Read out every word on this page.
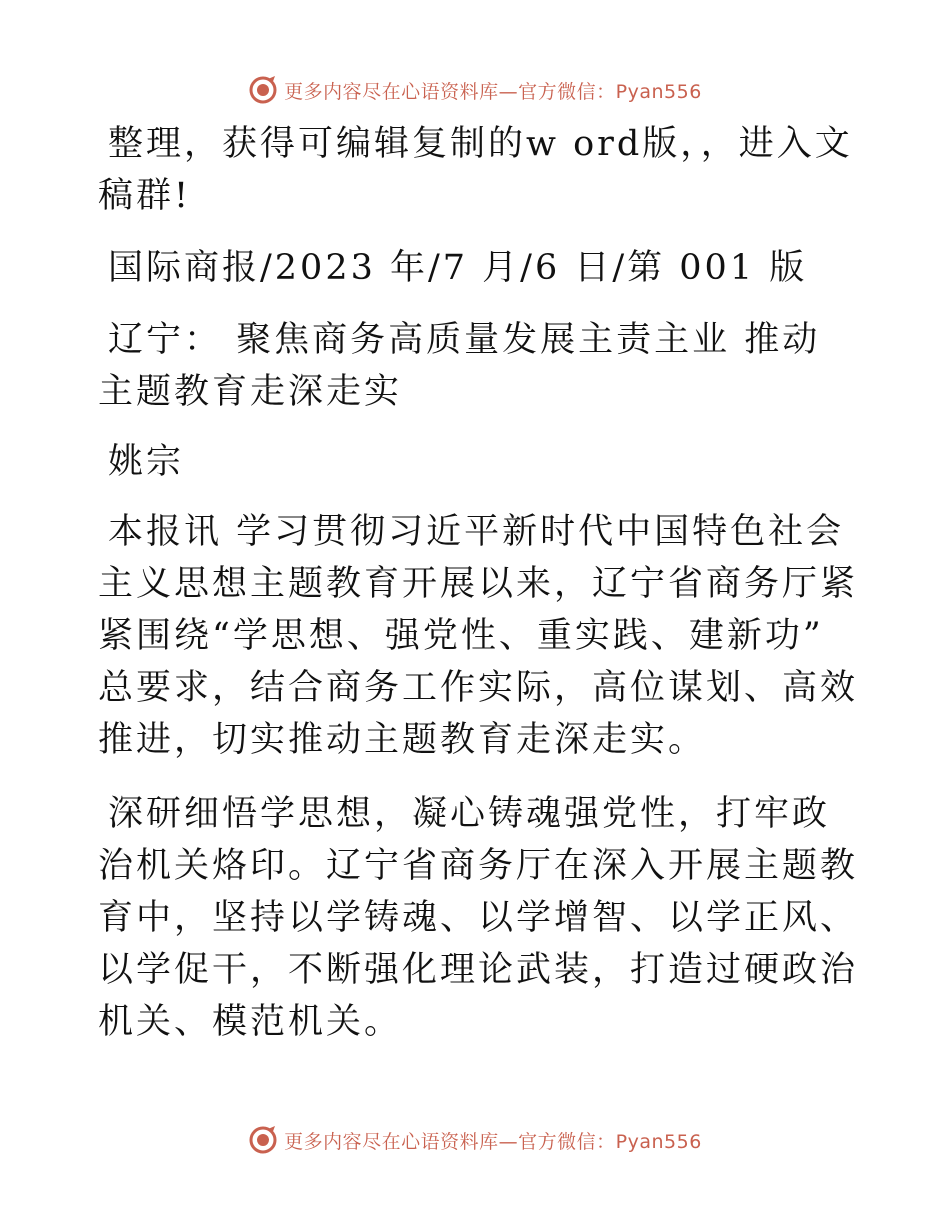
更多内容尽在心语资料库—官方微信：Pyan556

整理，获得可编辑复制的w ord版，，进入文稿群!

国际商报/2023 年/7 月/6 日/第 001 版

辽宁： 聚焦商务高质量发展主责主业 推动主题教育走深走实

姚宗

本报讯 学习贯彻习近平新时代中国特色社会主义思想主题教育开展以来，辽宁省商务厅紧紧围绕“学思想、强党性、重实践、建新功” 总要求，结合商务工作实际，高位谋划、高效推进，切实推动主题教育走深走实。

深研细悟学思想，凝心铸魂强党性，打牢政治机关烙印。辽宁省商务厅在深入开展主题教育中，坚持以学铸魂、以学增智、以学正风、以学促干，不断强化理论武装，打造过硬政治机关、模范机关。

更多内容尽在心语资料库—官方微信：Pyan556
